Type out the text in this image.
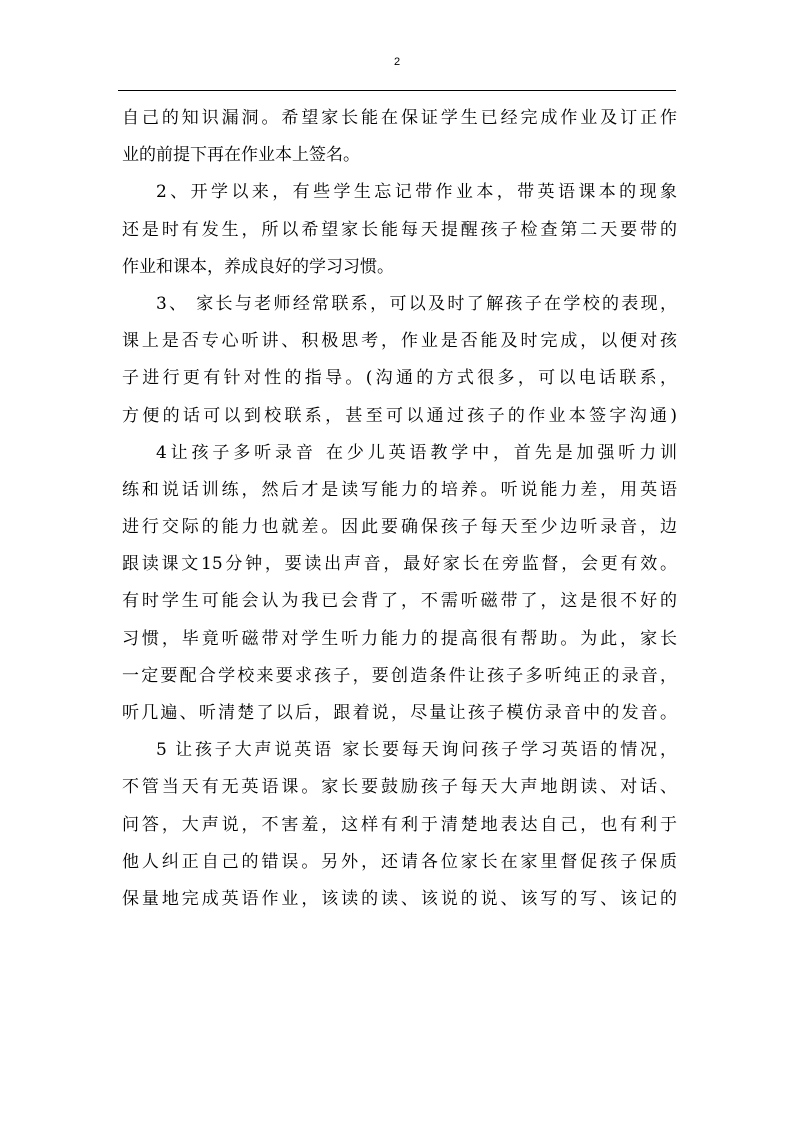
2
自己的知识漏洞。希望家长能在保证学生已经完成作业及订正作
业的前提下再在作业本上签名。
2、开学以来，有些学生忘记带作业本，带英语课本的现象
还是时有发生，所以希望家长能每天提醒孩子检查第二天要带的
作业和课本，养成良好的学习习惯。
3、 家长与老师经常联系，可以及时了解孩子在学校的表现，
课上是否专心听讲、积极思考，作业是否能及时完成，以便对孩
子进行更有针对性的指导。(沟通的方式很多，可以电话联系，
方便的话可以到校联系，甚至可以通过孩子的作业本签字沟通)
4让孩子多听录音 在少儿英语教学中，首先是加强听力训
练和说话训练，然后才是读写能力的培养。听说能力差，用英语
进行交际的能力也就差。因此要确保孩子每天至少边听录音，边
跟读课文15分钟，要读出声音，最好家长在旁监督，会更有效。
有时学生可能会认为我已会背了，不需听磁带了，这是很不好的
习惯，毕竟听磁带对学生听力能力的提高很有帮助。为此，家长
一定要配合学校来要求孩子，要创造条件让孩子多听纯正的录音，
听几遍、听清楚了以后，跟着说，尽量让孩子模仿录音中的发音。
5 让孩子大声说英语 家长要每天询问孩子学习英语的情况，
不管当天有无英语课。家长要鼓励孩子每天大声地朗读、对话、
问答，大声说，不害羞，这样有利于清楚地表达自己，也有利于
他人纠正自己的错误。另外，还请各位家长在家里督促孩子保质
保量地完成英语作业，该读的读、该说的说、该写的写、该记的
